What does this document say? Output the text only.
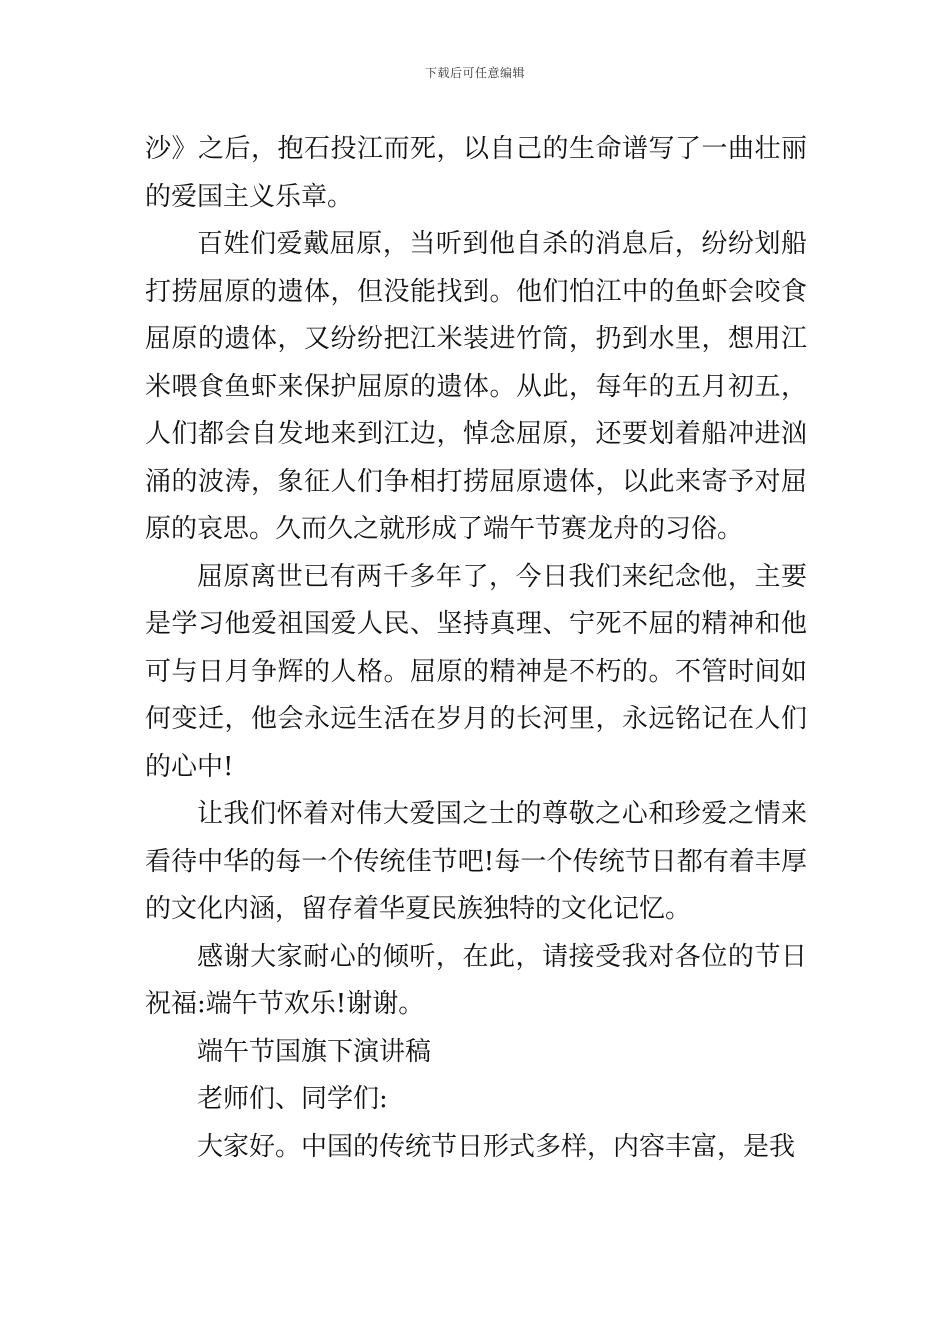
下载后可任意编辑

沙》之后，抱石投江而死，以自己的生命谱写了一曲壮丽的爱国主义乐章。

百姓们爱戴屈原，当听到他自杀的消息后，纷纷划船打捞屈原的遗体，但没能找到。他们怕江中的鱼虾会咬食屈原的遗体，又纷纷把江米装进竹筒，扔到水里，想用江米喂食鱼虾来保护屈原的遗体。从此，每年的五月初五，人们都会自发地来到江边，悼念屈原，还要划着船冲进汹涌的波涛，象征人们争相打捞屈原遗体，以此来寄予对屈原的哀思。久而久之就形成了端午节赛龙舟的习俗。

屈原离世已有两千多年了，今日我们来纪念他，主要是学习他爱祖国爱人民、坚持真理、宁死不屈的精神和他可与日月争辉的人格。屈原的精神是不朽的。不管时间如何变迁，他会永远生活在岁月的长河里，永远铭记在人们的心中!

让我们怀着对伟大爱国之士的尊敬之心和珍爱之情来看待中华的每一个传统佳节吧!每一个传统节日都有着丰厚的文化内涵，留存着华夏民族独特的文化记忆。

感谢大家耐心的倾听，在此，请接受我对各位的节日祝福:端午节欢乐!谢谢。

端午节国旗下演讲稿

老师们、同学们:

大家好。中国的传统节日形式多样，内容丰富，是我
